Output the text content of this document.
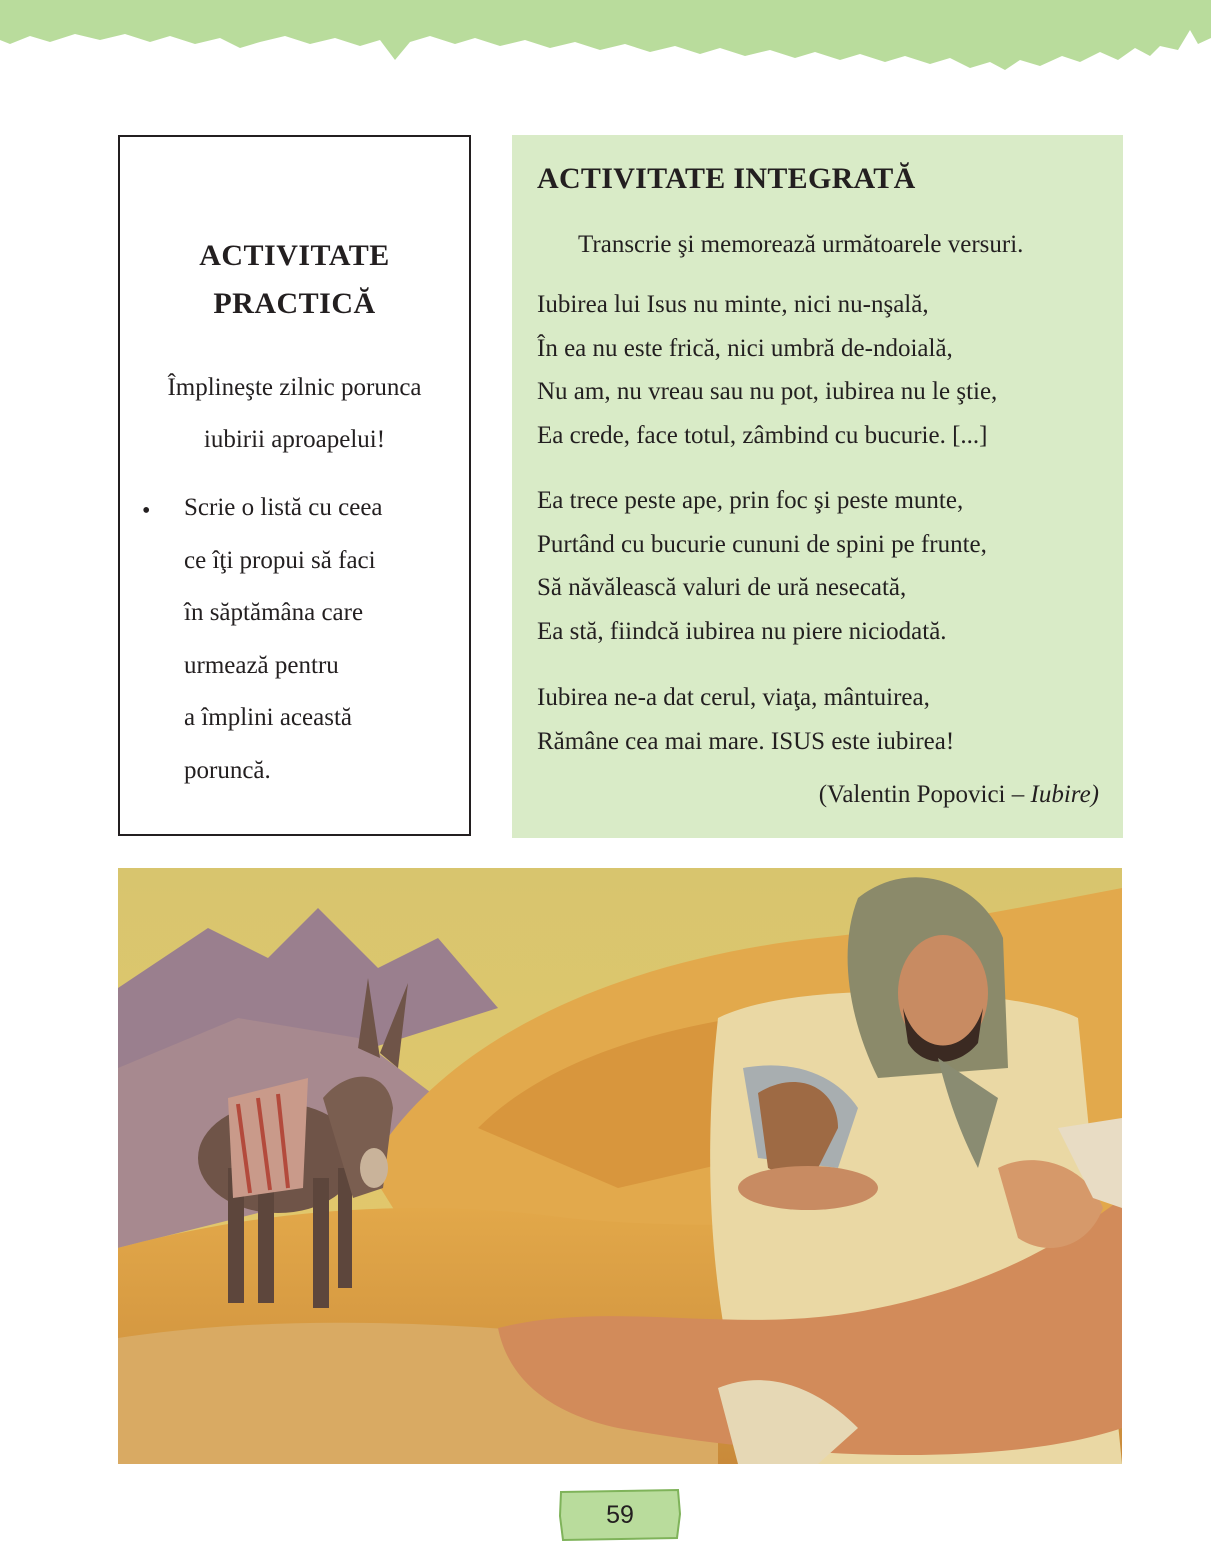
ACTIVITATE
PRACTICĂ

Împlineşte zilnic porunca
iubirii aproapelui!

• Scrie o listă cu ceea
ce îţi propui să faci
în săptămâna care
urmează pentru
a împlini această
poruncă.

ACTIVITATE INTEGRATĂ

Transcrie şi memorează următoarele versuri.

Iubirea lui Isus nu minte, nici nu-nşală,
În ea nu este frică, nici umbră de-ndoială,
Nu am, nu vreau sau nu pot, iubirea nu le ştie,
Ea crede, face totul, zâmbind cu bucurie. [...]

Ea trece peste ape, prin foc şi peste munte,
Purtând cu bucurie cununi de spini pe frunte,
Să năvălească valuri de ură nesecată,
Ea stă, fiindcă iubirea nu piere niciodată.

Iubirea ne-a dat cerul, viaţa, mântuirea,
Rămâne cea mai mare. ISUS este iubirea!

(Valentin Popovici – Iubire)

59
